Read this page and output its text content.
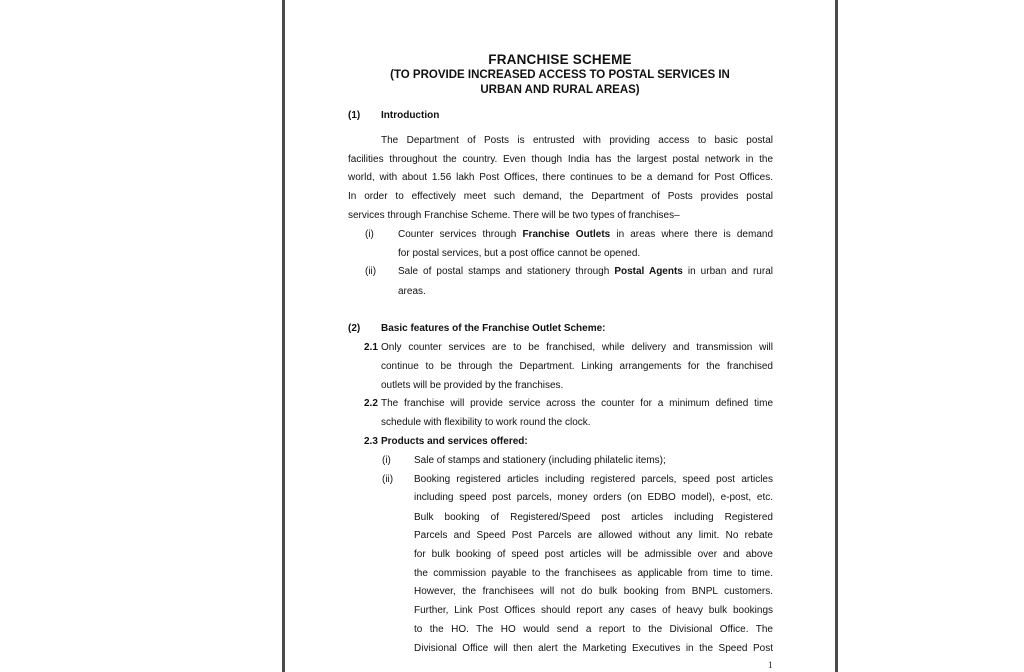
FRANCHISE SCHEME
(TO PROVIDE INCREASED ACCESS TO POSTAL SERVICES IN
URBAN AND RURAL AREAS)
(1) Introduction
The Department of Posts is entrusted with providing access to basic postal
facilities throughout the country. Even though India has the largest postal network in the
world, with about 1.56 lakh Post Offices, there continues to be a demand for Post Offices.
In order to effectively meet such demand, the Department of Posts provides postal
services through Franchise Scheme. There will be two types of franchises–
(i) Counter services through Franchise Outlets in areas where there is demand
for postal services, but a post office cannot be opened.
(ii) Sale of postal stamps and stationery through Postal Agents in urban and rural
areas.
(2) Basic features of the Franchise Outlet Scheme:
2.1 Only counter services are to be franchised, while delivery and transmission will
continue to be through the Department. Linking arrangements for the franchised
outlets will be provided by the franchises.
2.2 The franchise will provide service across the counter for a minimum defined time
schedule with flexibility to work round the clock.
2.3 Products and services offered:
(i) Sale of stamps and stationery (including philatelic items);
(ii) Booking registered articles including registered parcels, speed post articles
including speed post parcels, money orders (on EDBO model), e-post, etc.
Bulk booking of Registered/Speed post articles including Registered
Parcels and Speed Post Parcels are allowed without any limit. No rebate
for bulk booking of speed post articles will be admissible over and above
the commission payable to the franchisees as applicable from time to time.
However, the franchisees will not do bulk booking from BNPL customers.
Further, Link Post Offices should report any cases of heavy bulk bookings
to the HO. The HO would send a report to the Divisional Office. The
Divisional Office will then alert the Marketing Executives in the Speed Post
1
